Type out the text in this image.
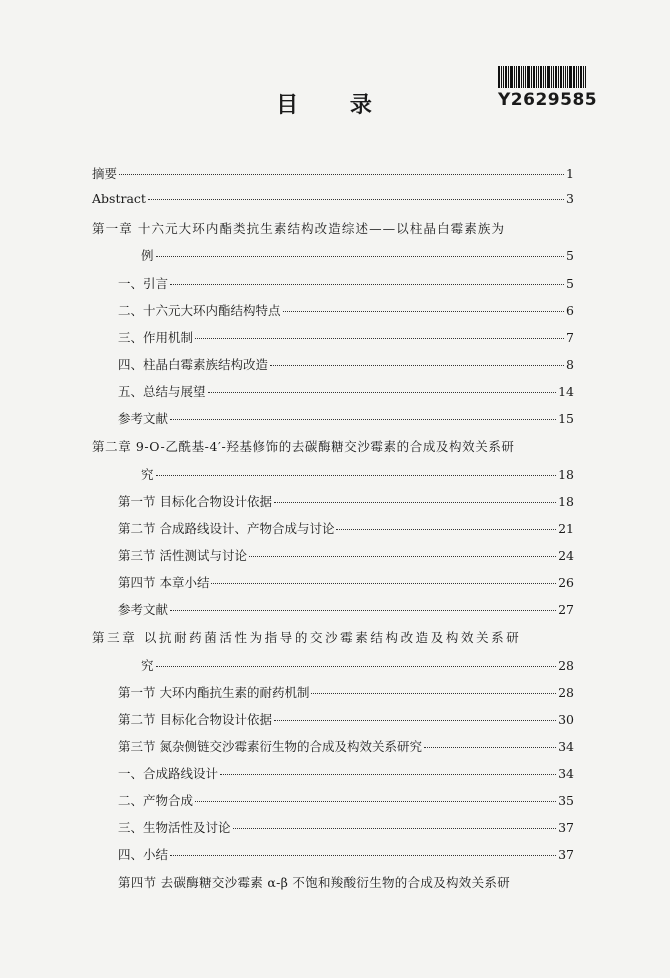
目 录	Y2629585
摘要	1
Abstract	3
第一章 十六元大环内酯类抗生素结构改造综述——以柱晶白霉素族为
例	5
一、引言	5
二、十六元大环内酯结构特点	6
三、作用机制	7
四、柱晶白霉素族结构改造	8
五、总结与展望	14
参考文献	15
第二章 9-O-乙酰基-4′-羟基修饰的去碳酶糖交沙霉素的合成及构效关系研
究	18
第一节 目标化合物设计依据	18
第二节 合成路线设计、产物合成与讨论	21
第三节 活性测试与讨论	24
第四节 本章小结	26
参考文献	27
第三章 以抗耐药菌活性为指导的交沙霉素结构改造及构效关系研
究	28
第一节 大环内酯抗生素的耐药机制	28
第二节 目标化合物设计依据	30
第三节 氮杂侧链交沙霉素衍生物的合成及构效关系研究	34
一、合成路线设计	34
二、产物合成	35
三、生物活性及讨论	37
四、小结	37
第四节 去碳酶糖交沙霉素 α-β 不饱和羧酸衍生物的合成及构效关系研
